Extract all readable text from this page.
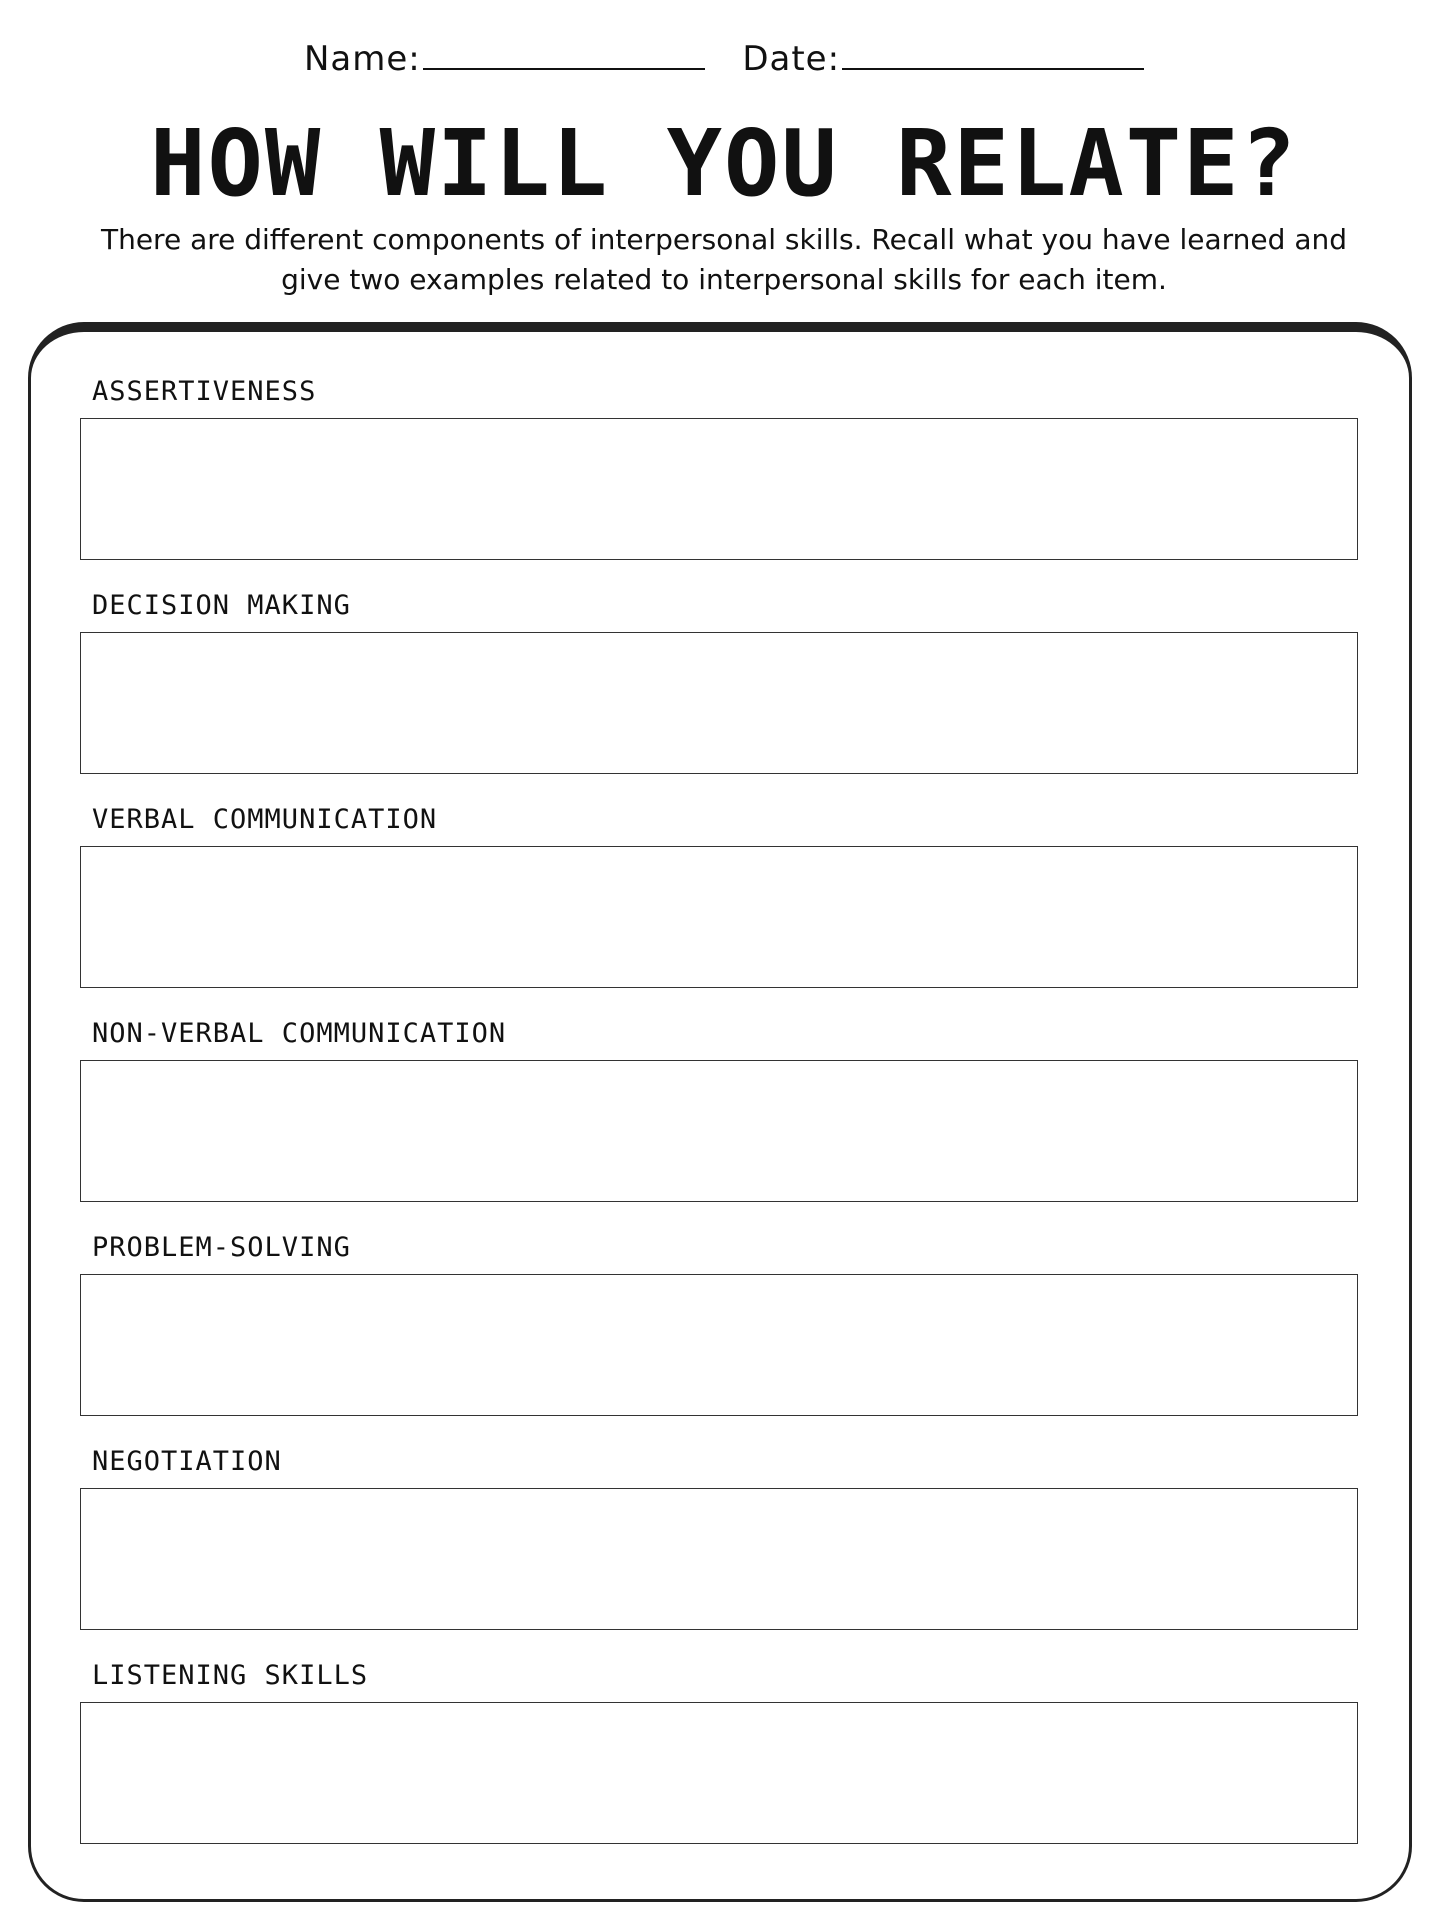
Name:	Date:
HOW WILL YOU RELATE?
There are different components of interpersonal skills. Recall what you have learned and give two examples related to interpersonal skills for each item.
ASSERTIVENESS
DECISION MAKING
VERBAL COMMUNICATION
NON-VERBAL COMMUNICATION
PROBLEM-SOLVING
NEGOTIATION
LISTENING SKILLS
